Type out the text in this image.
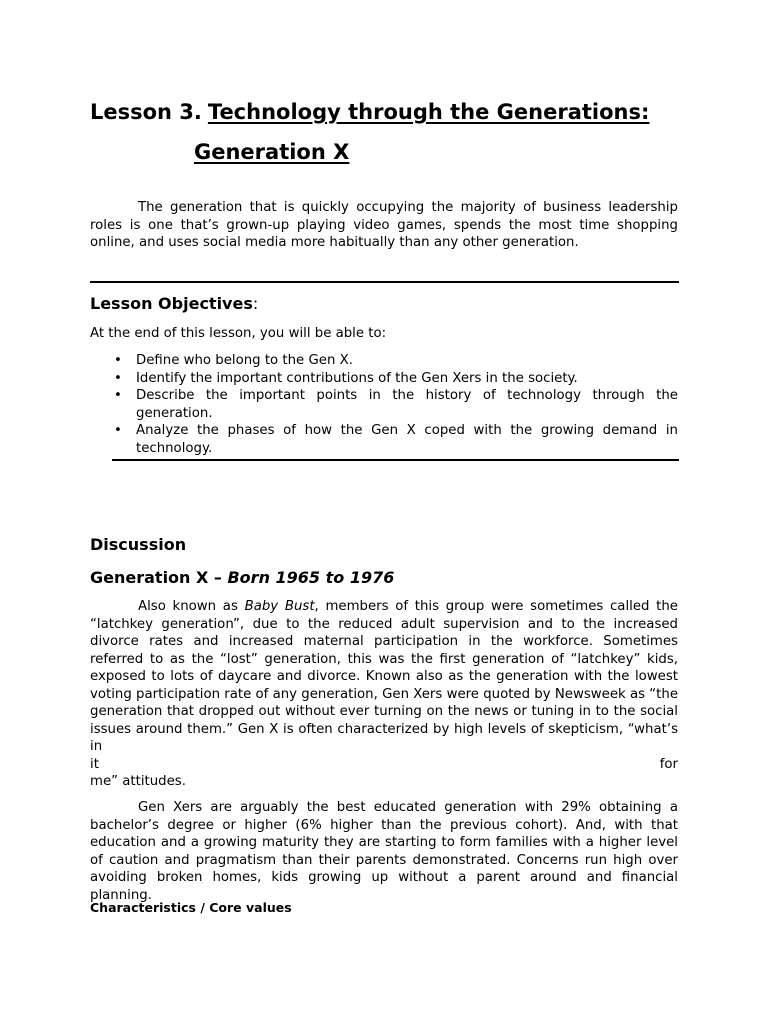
Lesson 3. Technology through the Generations:
Generation X

The generation that is quickly occupying the majority of business leadership roles is one that’s grown-up playing video games, spends the most time shopping online, and uses social media more habitually than any other generation.

Lesson Objectives:

At the end of this lesson, you will be able to:

• Define who belong to the Gen X.
• Identify the important contributions of the Gen Xers in the society.
• Describe the important points in the history of technology through the generation.
• Analyze the phases of how the Gen X coped with the growing demand in technology.
Discussion
Generation X – Born 1965 to 1976

Also known as Baby Bust, members of this group were sometimes called the “latchkey generation”, due to the reduced adult supervision and to the increased divorce rates and increased maternal participation in the workforce. Sometimes referred to as the “lost” generation, this was the first generation of “latchkey” kids, exposed to lots of daycare and divorce. Known also as the generation with the lowest voting participation rate of any generation, Gen Xers were quoted by Newsweek as “the generation that dropped out without ever turning on the news or tuning in to the social issues around them.” Gen X is often characterized by high levels of skepticism, “what’s in
it for
me” attitudes.

Gen Xers are arguably the best educated generation with 29% obtaining a bachelor’s degree or higher (6% higher than the previous cohort). And, with that education and a growing maturity they are starting to form families with a higher level of caution and pragmatism than their parents demonstrated. Concerns run high over avoiding broken homes, kids growing up without a parent around and financial planning.

Characteristics / Core values
